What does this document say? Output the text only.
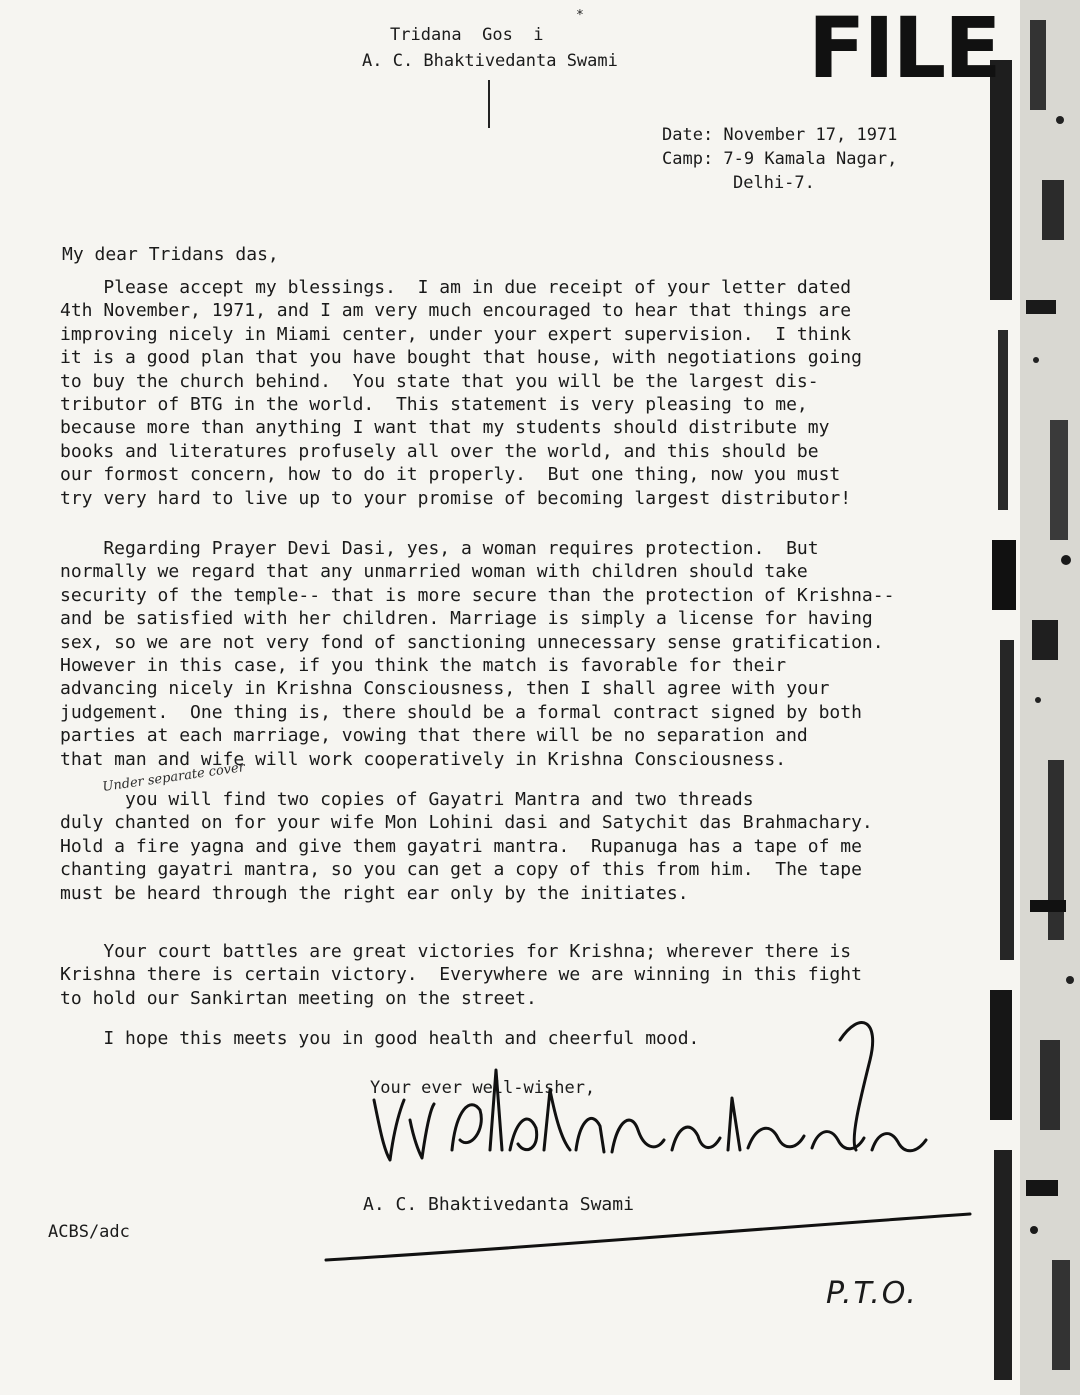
FILE
*
Tridana  Gos  i
A. C. Bhaktivedanta Swami
Date: November 17, 1971
Camp: 7-9 Kamala Nagar,
Delhi-7.
My dear Tridans das,
Please accept my blessings.  I am in due receipt of your letter dated
4th November, 1971, and I am very much encouraged to hear that things are
improving nicely in Miami center, under your expert supervision.  I think
it is a good plan that you have bought that house, with negotiations going
to buy the church behind.  You state that you will be the largest dis-
tributor of BTG in the world.  This statement is very pleasing to me,
because more than anything I want that my students should distribute my
books and literatures profusely all over the world, and this should be
our formost concern, how to do it properly.  But one thing, now you must
try very hard to live up to your promise of becoming largest distributor!
Regarding Prayer Devi Dasi, yes, a woman requires protection.  But
normally we regard that any unmarried woman with children should take
security of the temple-- that is more secure than the protection of Krishna--
and be satisfied with her children. Marriage is simply a license for having
sex, so we are not very fond of sanctioning unnecessary sense gratification.
However in this case, if you think the match is favorable for their
advancing nicely in Krishna Consciousness, then I shall agree with your
judgement.  One thing is, there should be a formal contract signed by both
parties at each marriage, vowing that there will be no separation and
that man and wife will work cooperatively in Krishna Consciousness.
Under separate cover
you will find two copies of Gayatri Mantra and two threads
duly chanted on for your wife Mon Lohini dasi and Satychit das Brahmachary.
Hold a fire yagna and give them gayatri mantra.  Rupanuga has a tape of me
chanting gayatri mantra, so you can get a copy of this from him.  The tape
must be heard through the right ear only by the initiates.
Your court battles are great victories for Krishna; wherever there is
Krishna there is certain victory.  Everywhere we are winning in this fight
to hold our Sankirtan meeting on the street.
I hope this meets you in good health and cheerful mood.
Your ever well-wisher,
A. C. Bhaktivedanta Swami
ACBS/adc
P.T.O.
